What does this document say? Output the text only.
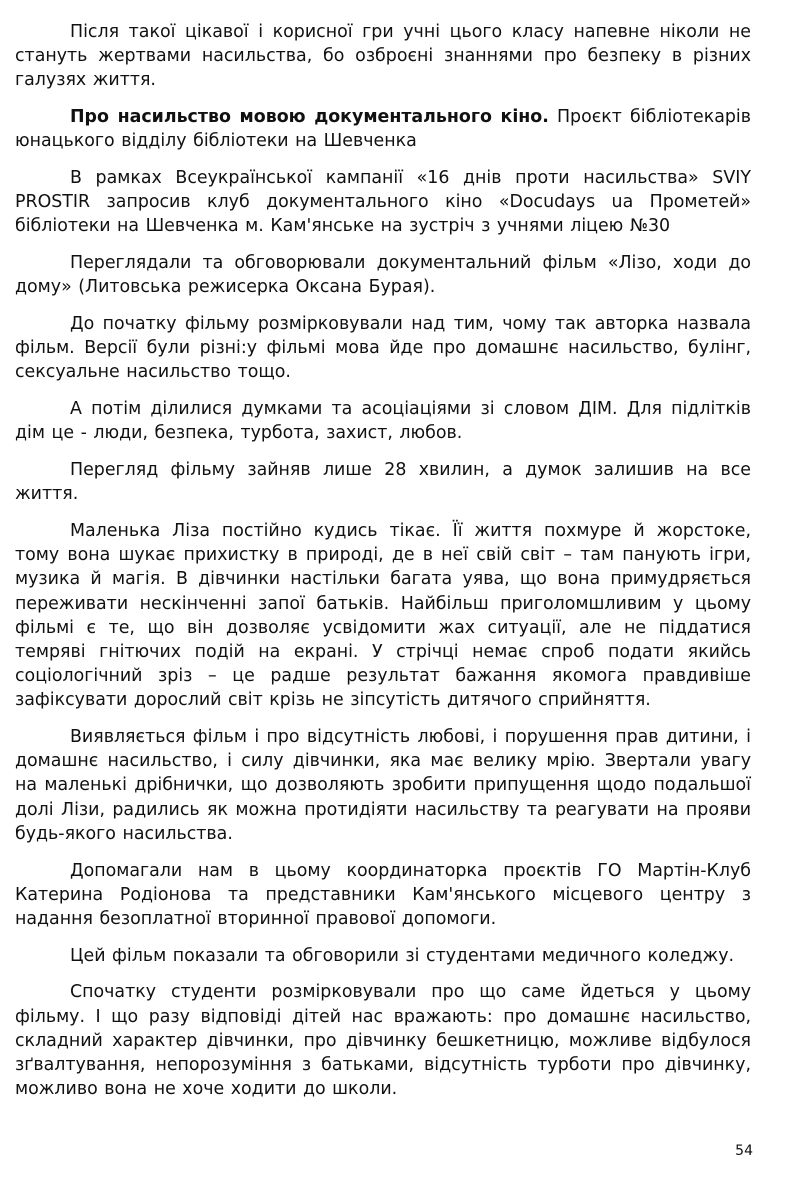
Після такої цікавої і корисної гри учні цього класу напевне ніколи не стануть жертвами насильства, бо озброєні знаннями про безпеку в різних галузях життя.

Про насильство мовою документального кіно. Проєкт бібліотекарів юнацького відділу бібліотеки на Шевченка

В рамках Всеукраїнської кампанії «16 днів проти насильства» SVIY PROSTIR запросив клуб документального кіно «Docudays ua Прометей» бібліотеки на Шевченка м. Кам'янське на зустріч з учнями ліцею №30

Переглядали та обговорювали документальний фільм «Лізо, ходи до дому» (Литовська режисерка Оксана Бурая).

До початку фільму розмірковували над тим, чому так авторка назвала фільм. Версії були різні:у фільмі мова йде про домашнє насильство, булінг, сексуальне насильство тощо.

А потім ділилися думками та асоціаціями зі словом ДІМ. Для підлітків дім це - люди, безпека, турбота, захист, любов.

Перегляд фільму зайняв лише 28 хвилин, а думок залишив на все життя.

Маленька Ліза постійно кудись тікає. Її життя похмуре й жорстоке, тому вона шукає прихистку в природі, де в неї свій світ – там панують ігри, музика й магія. В дівчинки настільки багата уява, що вона примудряється переживати нескінченні запої батьків. Найбільш приголомшливим у цьому фільмі є те, що він дозволяє усвідомити жах ситуації, але не піддатися темряві гнітючих подій на екрані. У стрічці немає спроб подати якийсь соціологічний зріз – це радше результат бажання якомога правдивіше зафіксувати дорослий світ крізь не зіпсутість дитячого сприйняття.

Виявляється фільм і про відсутність любові, і порушення прав дитини, і домашнє насильство, і силу дівчинки, яка має велику мрію. Звертали увагу на маленькі дрібнички, що дозволяють зробити припущення щодо подальшої долі Лізи, радились як можна протидіяти насильству та реагувати на прояви будь-якого насильства.

Допомагали нам в цьому координаторка проєктів ГО Мартін-Клуб Катерина Родіонова та представники Кам'янського місцевого центру з надання безоплатної вторинної правової допомоги.

Цей фільм показали та обговорили зі студентами медичного коледжу.

Спочатку студенти розмірковували про що саме йдеться у цьому фільму. І що разу відповіді дітей нас вражають: про домашнє насильство, складний характер дівчинки, про дівчинку бешкетницю, можливе відбулося зґвалтування, непорозуміння з батьками, відсутність турботи про дівчинку, можливо вона не хоче ходити до школи.

54
